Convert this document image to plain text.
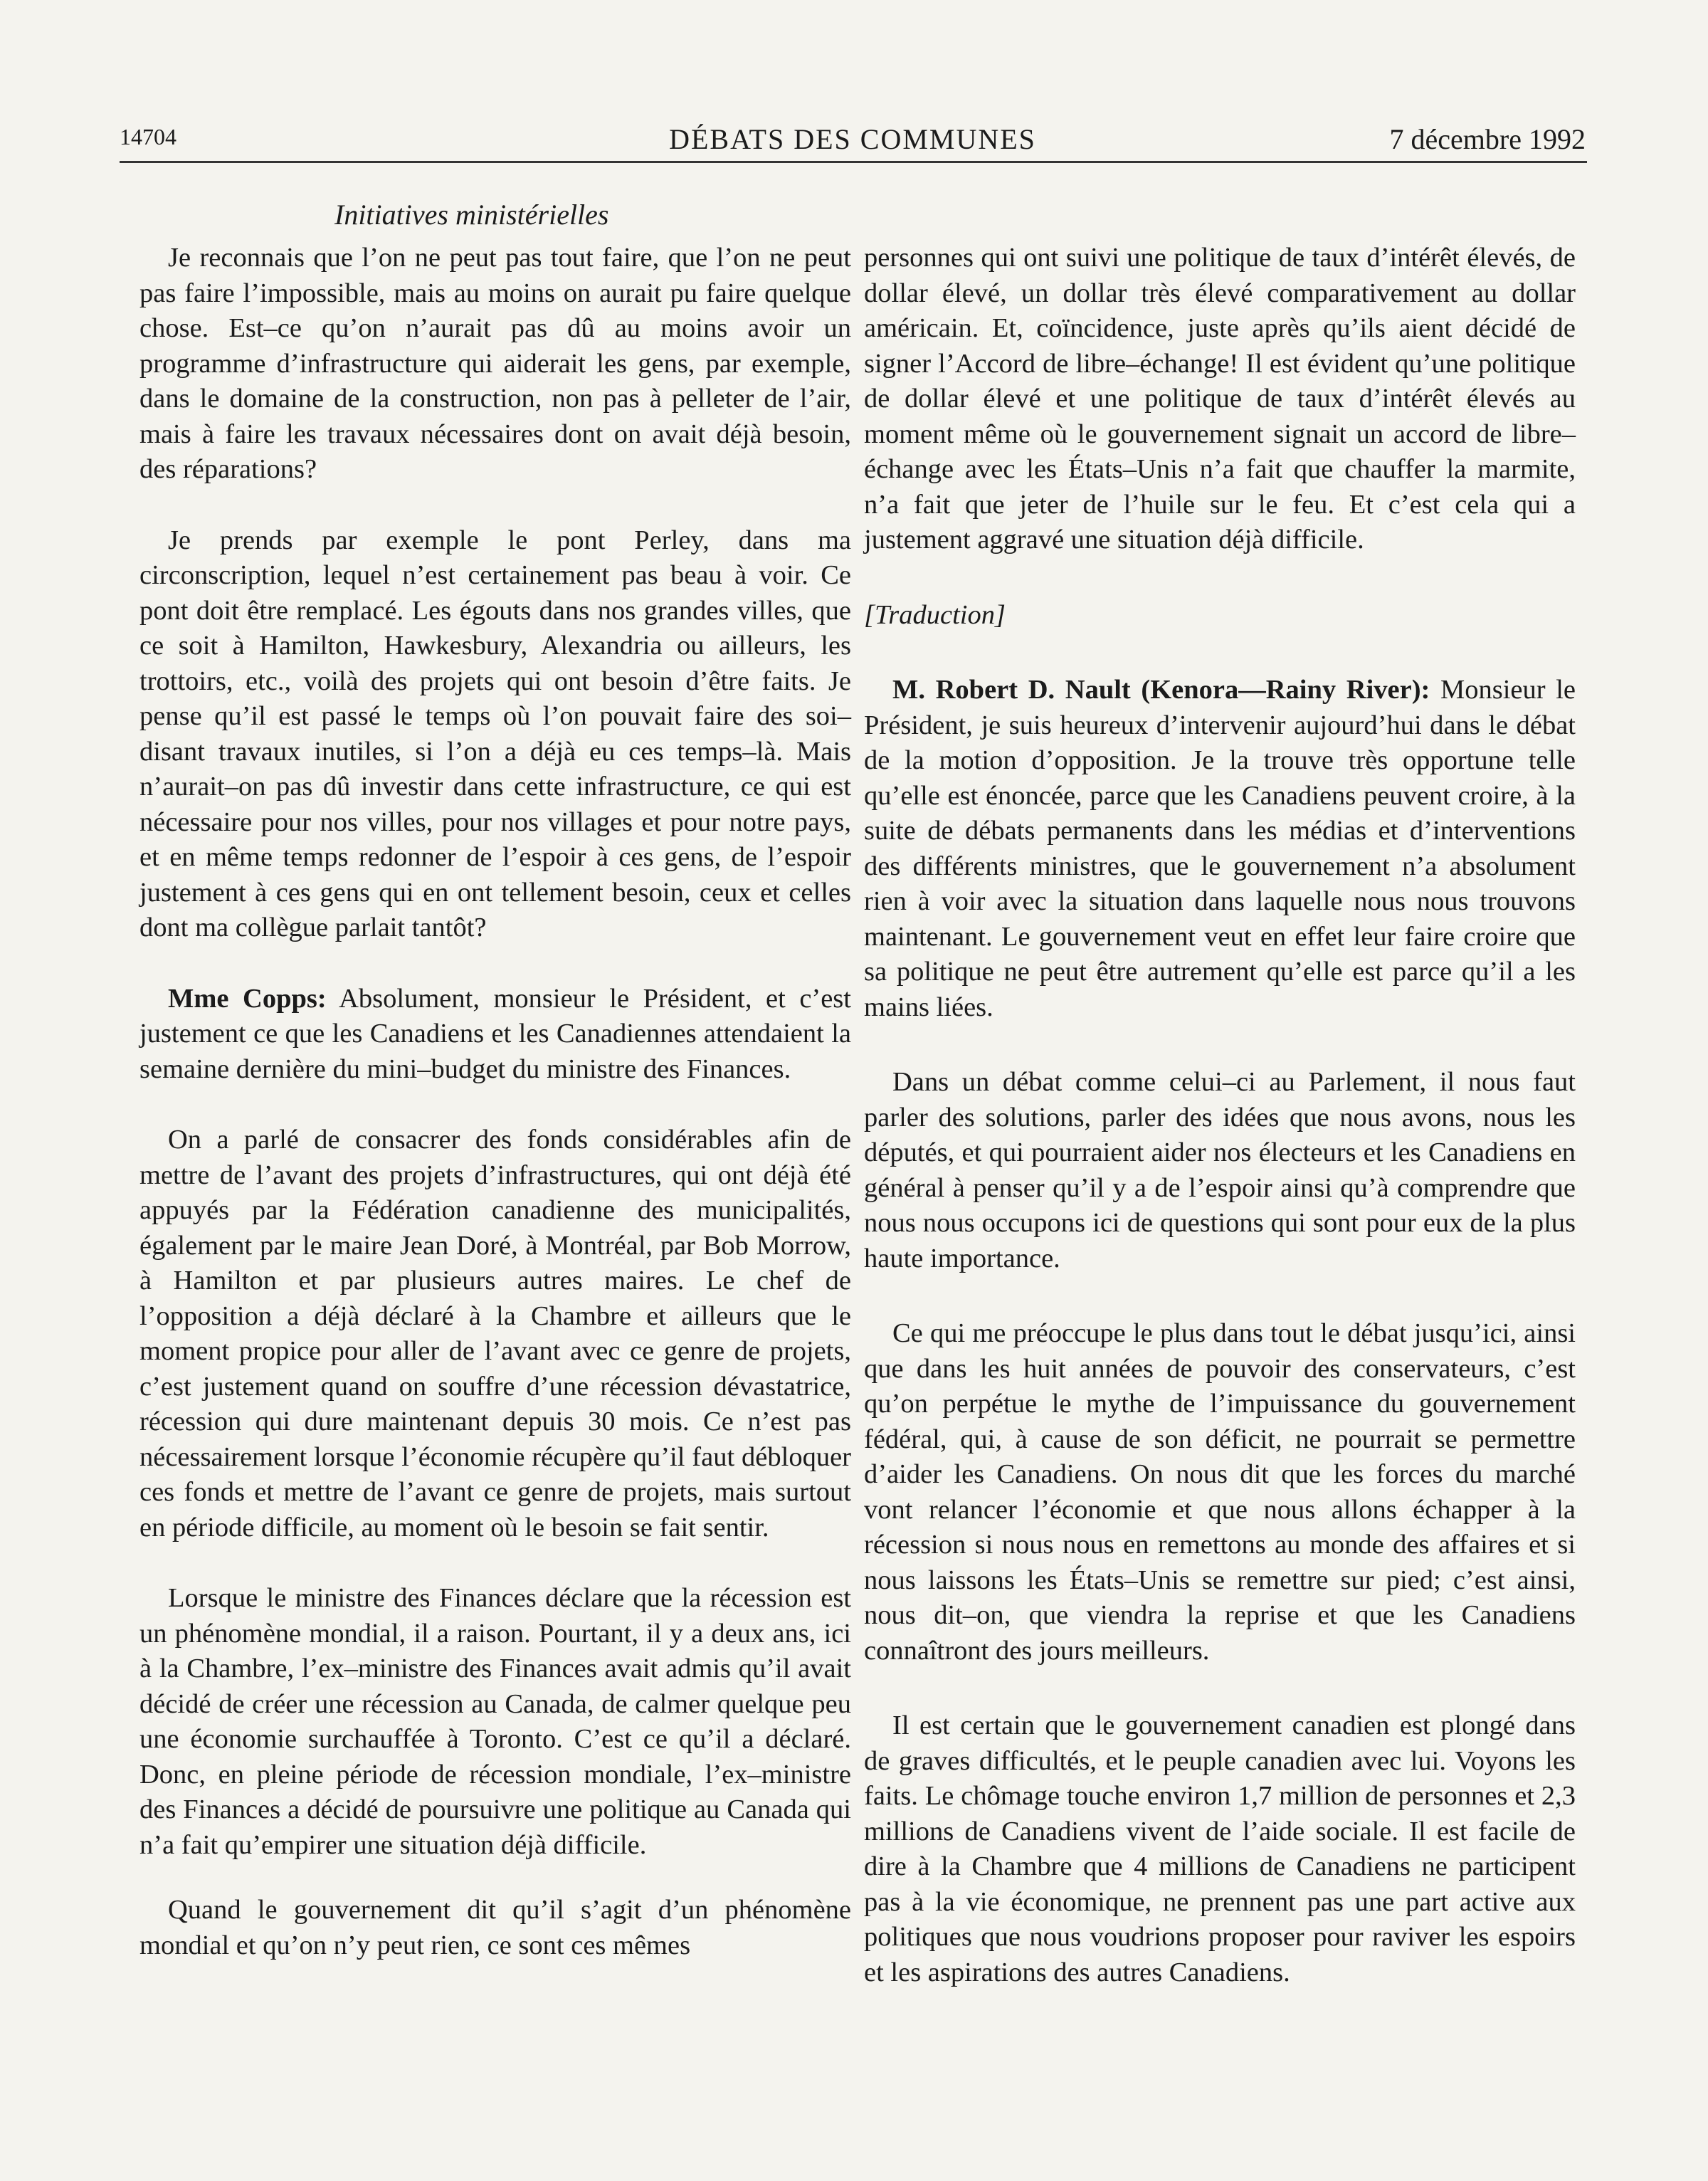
14704	DÉBATS DES COMMUNES	7 décembre 1992
Initiatives ministérielles

Je reconnais que l’on ne peut pas tout faire, que l’on ne peut pas faire l’impossible, mais au moins on aurait pu faire quelque chose. Est–ce qu’on n’aurait pas dû au moins avoir un programme d’infrastructure qui aiderait les gens, par exemple, dans le domaine de la construction, non pas à pelleter de l’air, mais à faire les travaux nécessaires dont on avait déjà besoin, des réparations?

Je prends par exemple le pont Perley, dans ma circonscription, lequel n’est certainement pas beau à voir. Ce pont doit être remplacé. Les égouts dans nos grandes villes, que ce soit à Hamilton, Hawkesbury, Alexandria ou ailleurs, les trottoirs, etc., voilà des projets qui ont besoin d’être faits. Je pense qu’il est passé le temps où l’on pouvait faire des soi–disant travaux inutiles, si l’on a déjà eu ces temps–là. Mais n’aurait–on pas dû investir dans cette infrastructure, ce qui est nécessaire pour nos villes, pour nos villages et pour notre pays, et en même temps redonner de l’espoir à ces gens, de l’espoir justement à ces gens qui en ont tellement besoin, ceux et celles dont ma collègue parlait tantôt?

Mme Copps: Absolument, monsieur le Président, et c’est justement ce que les Canadiens et les Canadiennes attendaient la semaine dernière du mini–budget du ministre des Finances.

On a parlé de consacrer des fonds considérables afin de mettre de l’avant des projets d’infrastructures, qui ont déjà été appuyés par la Fédération canadienne des municipalités, également par le maire Jean Doré, à Montréal, par Bob Morrow, à Hamilton et par plusieurs autres maires. Le chef de l’opposition a déjà déclaré à la Chambre et ailleurs que le moment propice pour aller de l’avant avec ce genre de projets, c’est justement quand on souffre d’une récession dévastatrice, récession qui dure maintenant depuis 30 mois. Ce n’est pas nécessairement lorsque l’économie récupère qu’il faut débloquer ces fonds et mettre de l’avant ce genre de projets, mais surtout en période difficile, au moment où le besoin se fait sentir.

Lorsque le ministre des Finances déclare que la récession est un phénomène mondial, il a raison. Pourtant, il y a deux ans, ici à la Chambre, l’ex–ministre des Finances avait admis qu’il avait décidé de créer une récession au Canada, de calmer quelque peu une économie surchauffée à Toronto. C’est ce qu’il a déclaré. Donc, en pleine période de récession mondiale, l’ex–ministre des Finances a décidé de poursuivre une politique au Canada qui n’a fait qu’empirer une situation déjà difficile.

Quand le gouvernement dit qu’il s’agit d’un phénomène mondial et qu’on n’y peut rien, ce sont ces mêmes

personnes qui ont suivi une politique de taux d’intérêt élevés, de dollar élevé, un dollar très élevé comparativement au dollar américain. Et, coïncidence, juste après qu’ils aient décidé de signer l’Accord de libre–échange! Il est évident qu’une politique de dollar élevé et une politique de taux d’intérêt élevés au moment même où le gouvernement signait un accord de libre–échange avec les États–Unis n’a fait que chauffer la marmite, n’a fait que jeter de l’huile sur le feu. Et c’est cela qui a justement aggravé une situation déjà difficile.

[Traduction]

M. Robert D. Nault (Kenora—Rainy River): Monsieur le Président, je suis heureux d’intervenir aujourd’hui dans le débat de la motion d’opposition. Je la trouve très opportune telle qu’elle est énoncée, parce que les Canadiens peuvent croire, à la suite de débats permanents dans les médias et d’interventions des différents ministres, que le gouvernement n’a absolument rien à voir avec la situation dans laquelle nous nous trouvons maintenant. Le gouvernement veut en effet leur faire croire que sa politique ne peut être autrement qu’elle est parce qu’il a les mains liées.

Dans un débat comme celui–ci au Parlement, il nous faut parler des solutions, parler des idées que nous avons, nous les députés, et qui pourraient aider nos électeurs et les Canadiens en général à penser qu’il y a de l’espoir ainsi qu’à comprendre que nous nous occupons ici de questions qui sont pour eux de la plus haute importance.

Ce qui me préoccupe le plus dans tout le débat jusqu’ici, ainsi que dans les huit années de pouvoir des conservateurs, c’est qu’on perpétue le mythe de l’impuissance du gouvernement fédéral, qui, à cause de son déficit, ne pourrait se permettre d’aider les Canadiens. On nous dit que les forces du marché vont relancer l’économie et que nous allons échapper à la récession si nous nous en remettons au monde des affaires et si nous laissons les États–Unis se remettre sur pied; c’est ainsi, nous dit–on, que viendra la reprise et que les Canadiens connaîtront des jours meilleurs.

Il est certain que le gouvernement canadien est plongé dans de graves difficultés, et le peuple canadien avec lui. Voyons les faits. Le chômage touche environ 1,7 million de personnes et 2,3 millions de Canadiens vivent de l’aide sociale. Il est facile de dire à la Chambre que 4 millions de Canadiens ne participent pas à la vie économique, ne prennent pas une part active aux politiques que nous voudrions proposer pour raviver les espoirs et les aspirations des autres Canadiens.
